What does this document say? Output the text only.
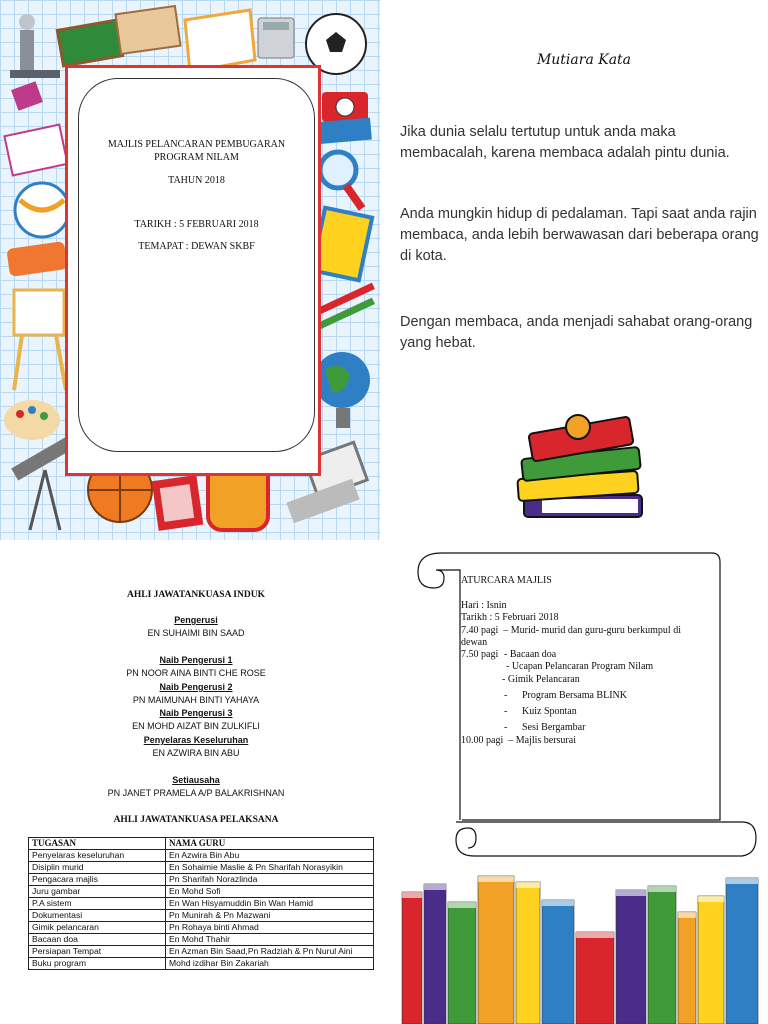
MAJLIS PELANCARAN PEMBUGARAN
PROGRAM NILAM
TAHUN 2018
TARIKH : 5 FEBRUARI 2018
TEMAPAT : DEWAN SKBF
Mutiara Kata
Jika dunia selalu tertutup untuk anda maka membacalah, karena membaca adalah pintu dunia.
Anda mungkin hidup di pedalaman. Tapi saat anda rajin membaca, anda lebih berwawasan dari beberapa orang di kota.
Dengan membaca, anda menjadi sahabat orang-orang yang hebat.
AHLI JAWATANKUASA INDUK
Pengerusi
EN SUHAIMI BIN SAAD
Naib Pengerusi 1
PN NOOR AINA BINTI CHE ROSE
Naib Pengerusi 2
PN MAIMUNAH BINTI YAHAYA
Naib Pengerusi 3
EN MOHD AIZAT BIN ZULKIFLI
Penyelaras Keseluruhan
EN AZWIRA BIN ABU
Setiausaha
PN JANET PRAMELA A/P BALAKRISHNAN
AHLI JAWATANKUASA PELAKSANA
TUGASAN	NAMA GURU
Penyelaras keseluruhan	En Azwira Bin Abu
Disiplin murid	En Sohaimie Maslie & Pn Sharifah Norasyikin
Pengacara majlis	Pn Sharifah Norazlinda
Juru gambar	En Mohd Sofi
P.A sistem	En Wan Hisyamuddin Bin Wan Hamid
Dokumentasi	Pn Munirah & Pn Mazwani
Gimik pelancaran	Pn Rohaya binti Ahmad
Bacaan doa	En Mohd Thahir
Persiapan Tempat	En Azman Bin Saad,Pn Radziah & Pn Nurul Aini
Buku program	Mohd izdihar Bin Zakariah
ATURCARA MAJLIS
Hari : Isnin
Tarikh : 5 Februari 2018
7.40 pagi  – Murid- murid dan guru-guru berkumpul di
dewan
7.50 pagi - Bacaan doa
- Ucapan Pelancaran Program Nilam
- Gimik Pelancaran
- Program Bersama BLINK
- Kuiz Spontan
- Sesi Bergambar
10.00 pagi  – Majlis bersurai
